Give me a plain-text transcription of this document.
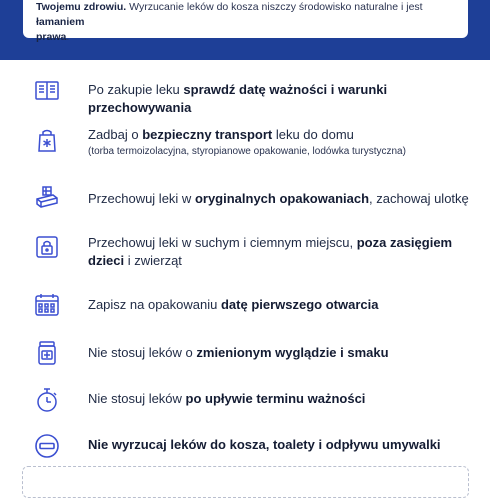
Twojemu zdrowiu. Wyrzucanie leków do kosza niszczy środowisko naturalne i jest łamaniem
prawa.
Po zakupie leku sprawdź datę ważności i warunki przechowywania
Zadbaj o bezpieczny transport leku do domu
(torba termoizolacyjna, styropianowe opakowanie, lodówka turystyczna)
Przechowuj leki w oryginalnych opakowaniach, zachowaj ulotkę
Przechowuj leki w suchym i ciemnym miejscu, poza zasięgiem dzieci i zwierząt
Zapisz na opakowaniu datę pierwszego otwarcia
Nie stosuj leków o zmienionym wyglądzie i smaku
Nie stosuj leków po upływie terminu ważności
Nie wyrzucaj leków do kosza, toalety i odpływu umywalki
